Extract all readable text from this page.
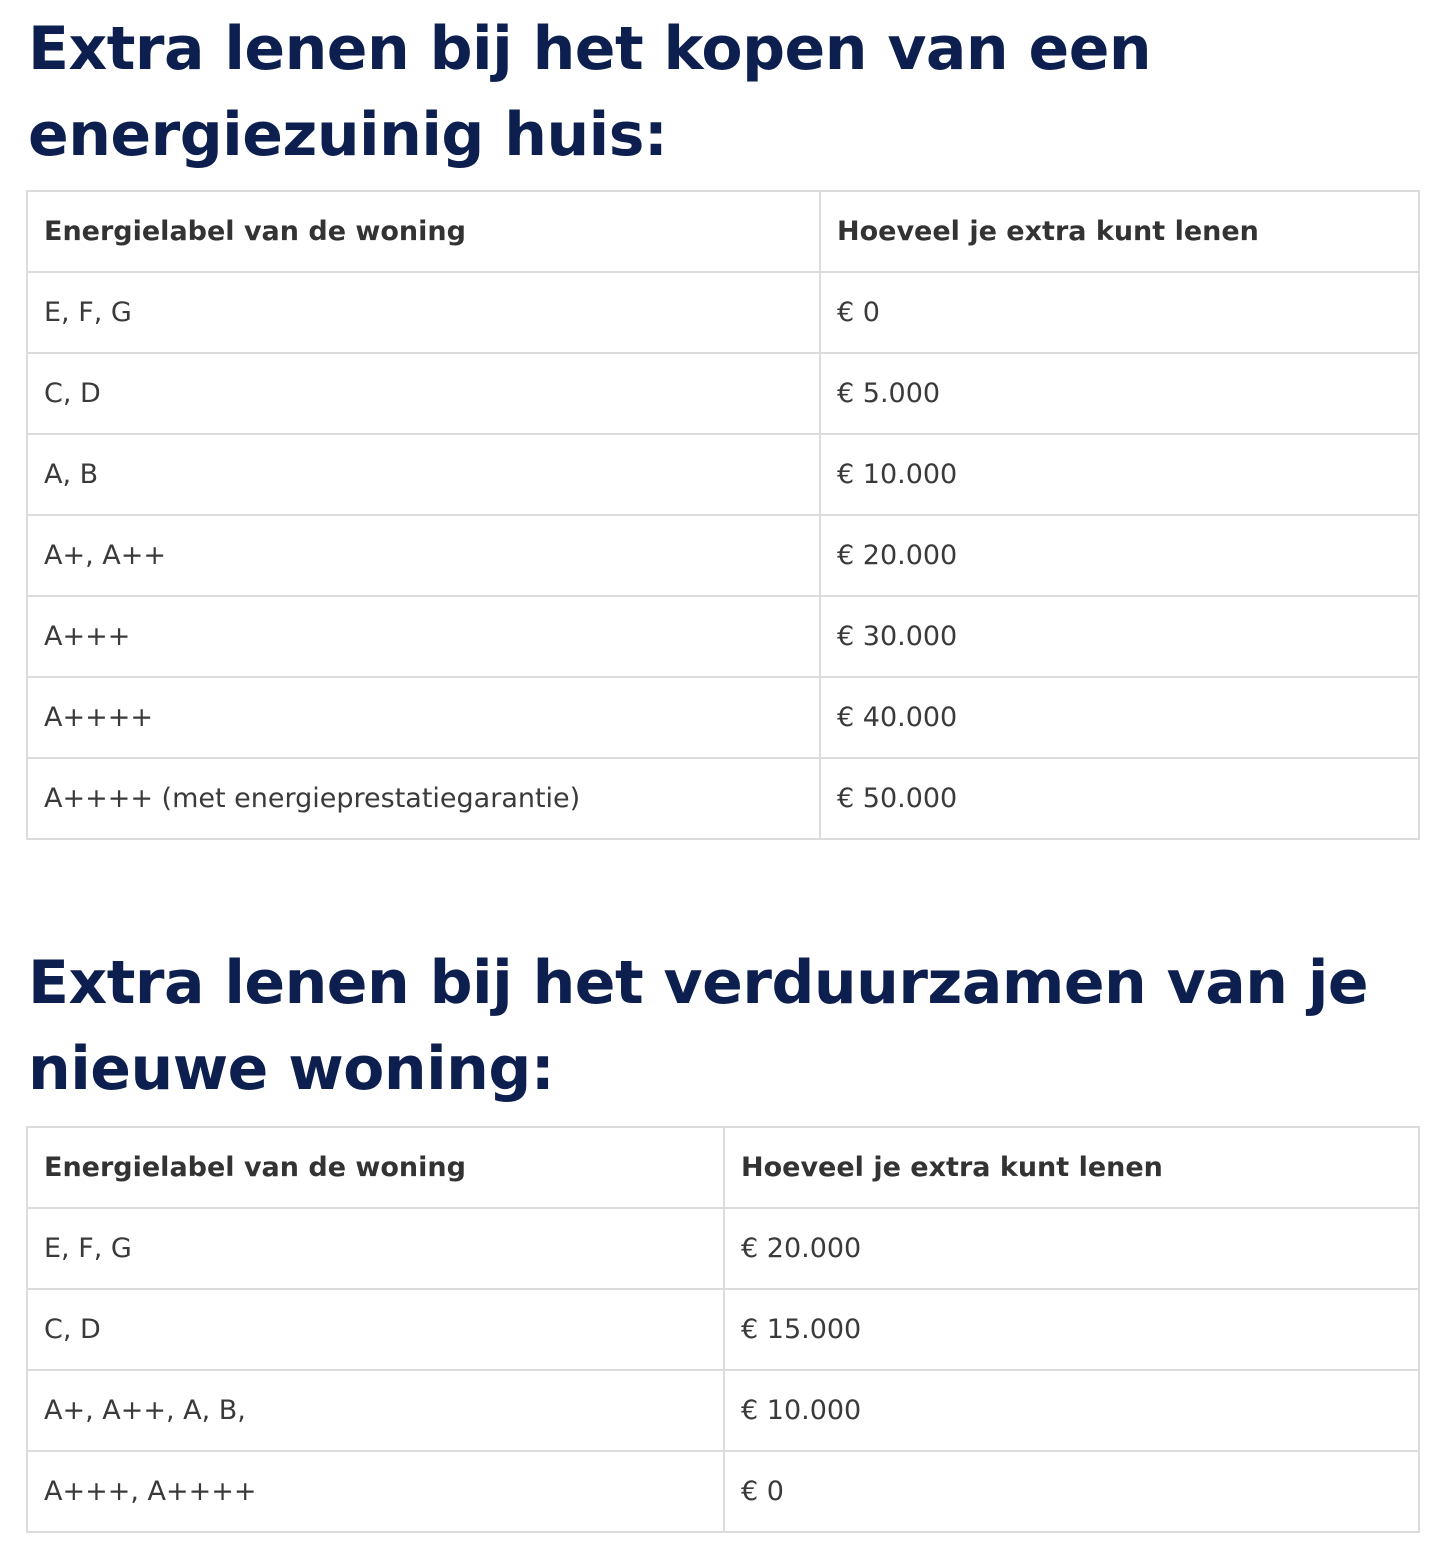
Extra lenen bij het kopen van een energiezuinig huis:
Energielabel van de woning	Hoeveel je extra kunt lenen
E, F, G	€ 0
C, D	€ 5.000
A, B	€ 10.000
A+, A++	€ 20.000
A+++	€ 30.000
A++++	€ 40.000
A++++ (met energieprestatiegarantie)	€ 50.000
Extra lenen bij het verduurzamen van je nieuwe woning:
Energielabel van de woning	Hoeveel je extra kunt lenen
E, F, G	€ 20.000
C, D	€ 15.000
A+, A++, A, B,	€ 10.000
A+++, A++++	€ 0
